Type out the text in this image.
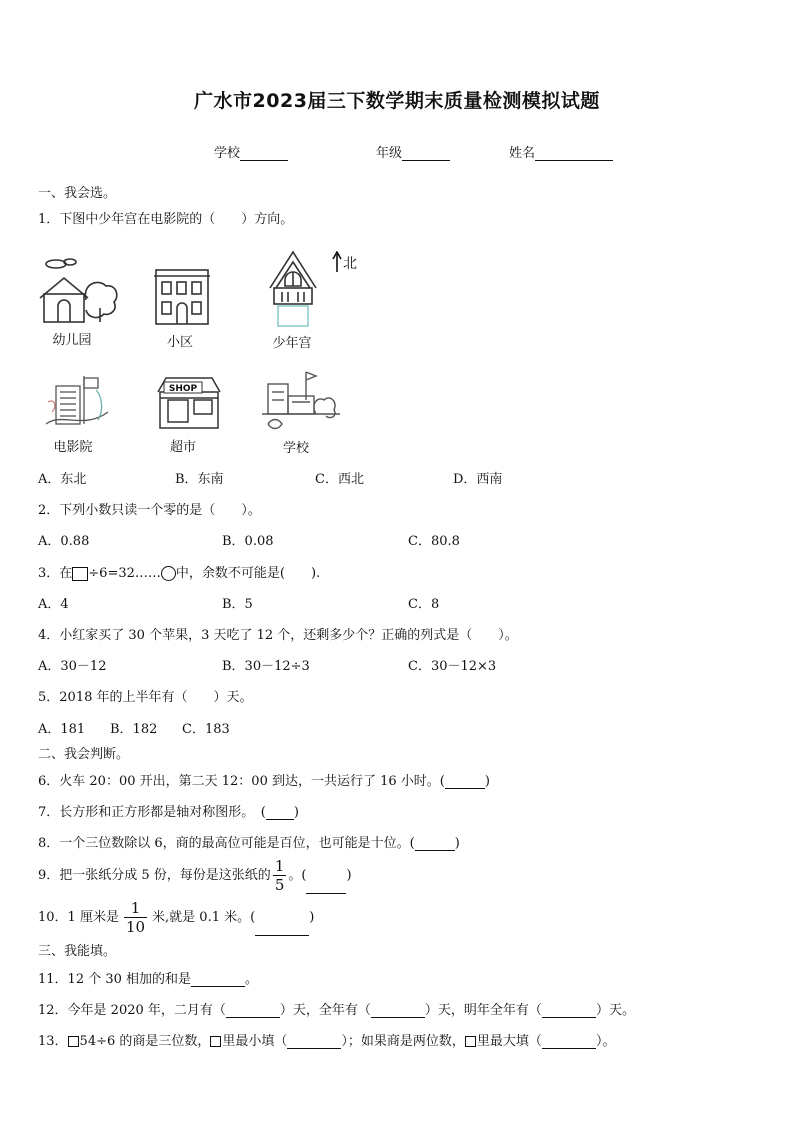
广水市2023届三下数学期末质量检测模拟试题
学校	年级	姓名
一、我会选。
1．下图中少年宫在电影院的（　　）方向。
幼儿园	小区	少年宫
北
电影院
SHOP
超市	学校
A．东北	B．东南	C．西北	D．西南
2．下列小数只读一个零的是（　　）。
A．0.88	B．0.08	C．80.8
3．在 ÷6=32…… 中，余数不可能是(　　).
A．4	B．5	C．8
4．小红家买了 30 个苹果，3 天吃了 12 个，还剩多少个？正确的列式是（　　）。
A．30－12	B．30－12÷3	C．30－12×3
5．2018 年的上半年有（　　）天。
A．181 B．182 C．183
二、我会判断。
6．火车 20：00 开出，第二天 12：00 到达，一共运行了 16 小时。(	)
7．长方形和正方形都是轴对称图形。　( )
8．一个三位数除以 6，商的最高位可能是百位，也可能是十位。(	)
9．把一张纸分成 5 份，每份是这张纸的 $\frac{1}{5}$ 。(	)
10．1 厘米是 $\frac{1}{10}$ 米,就是 0.1 米。(	)
三、我能填。
11．12 个 30 相加的和是	。
12．今年是 2020 年，二月有（	）天，全年有（	）天，明年全年有（	）天。
13． 54÷6 的商是三位数， 里最小填（	）；如果商是两位数， 里最大填（	）。
